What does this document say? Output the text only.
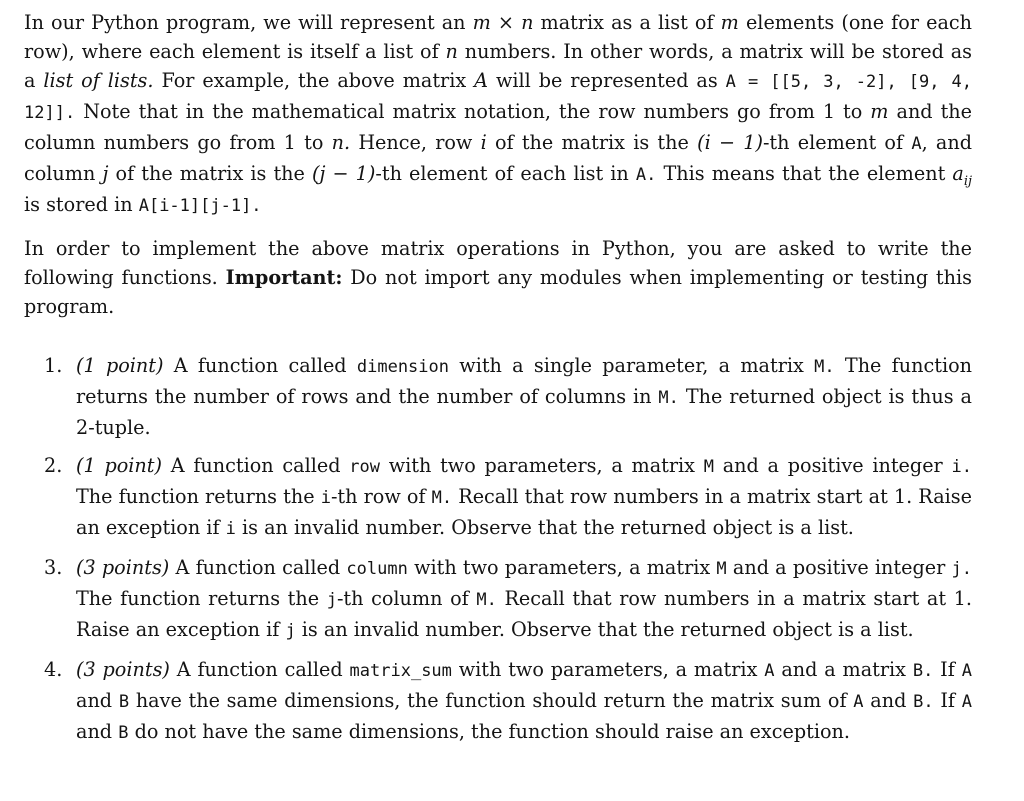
In our Python program, we will represent an m × n matrix as a list of m elements (one for each row), where each element is itself a list of n numbers. In other words, a matrix will be stored as a list of lists. For example, the above matrix A will be represented as A = [[5, 3, -2], [9, 4, 12]]. Note that in the mathematical matrix notation, the row numbers go from 1 to m and the column numbers go from 1 to n. Hence, row i of the matrix is the (i − 1)-th element of A, and column j of the matrix is the (j − 1)-th element of each list in A. This means that the element $a_{ij}$ is stored in A[i-1][j-1].

In order to implement the above matrix operations in Python, you are asked to write the following functions. Important: Do not import any modules when implementing or testing this program.

1. (1 point) A function called dimension with a single parameter, a matrix M. The function returns the number of rows and the number of columns in M. The returned object is thus a 2-tuple.
2. (1 point) A function called row with two parameters, a matrix M and a positive integer i. The function returns the i-th row of M. Recall that row numbers in a matrix start at 1. Raise an exception if i is an invalid number. Observe that the returned object is a list.
3. (3 points) A function called column with two parameters, a matrix M and a positive integer j. The function returns the j-th column of M. Recall that row numbers in a matrix start at 1. Raise an exception if j is an invalid number. Observe that the returned object is a list.
4. (3 points) A function called matrix_sum with two parameters, a matrix A and a matrix B. If A and B have the same dimensions, the function should return the matrix sum of A and B. If A and B do not have the same dimensions, the function should raise an exception.
